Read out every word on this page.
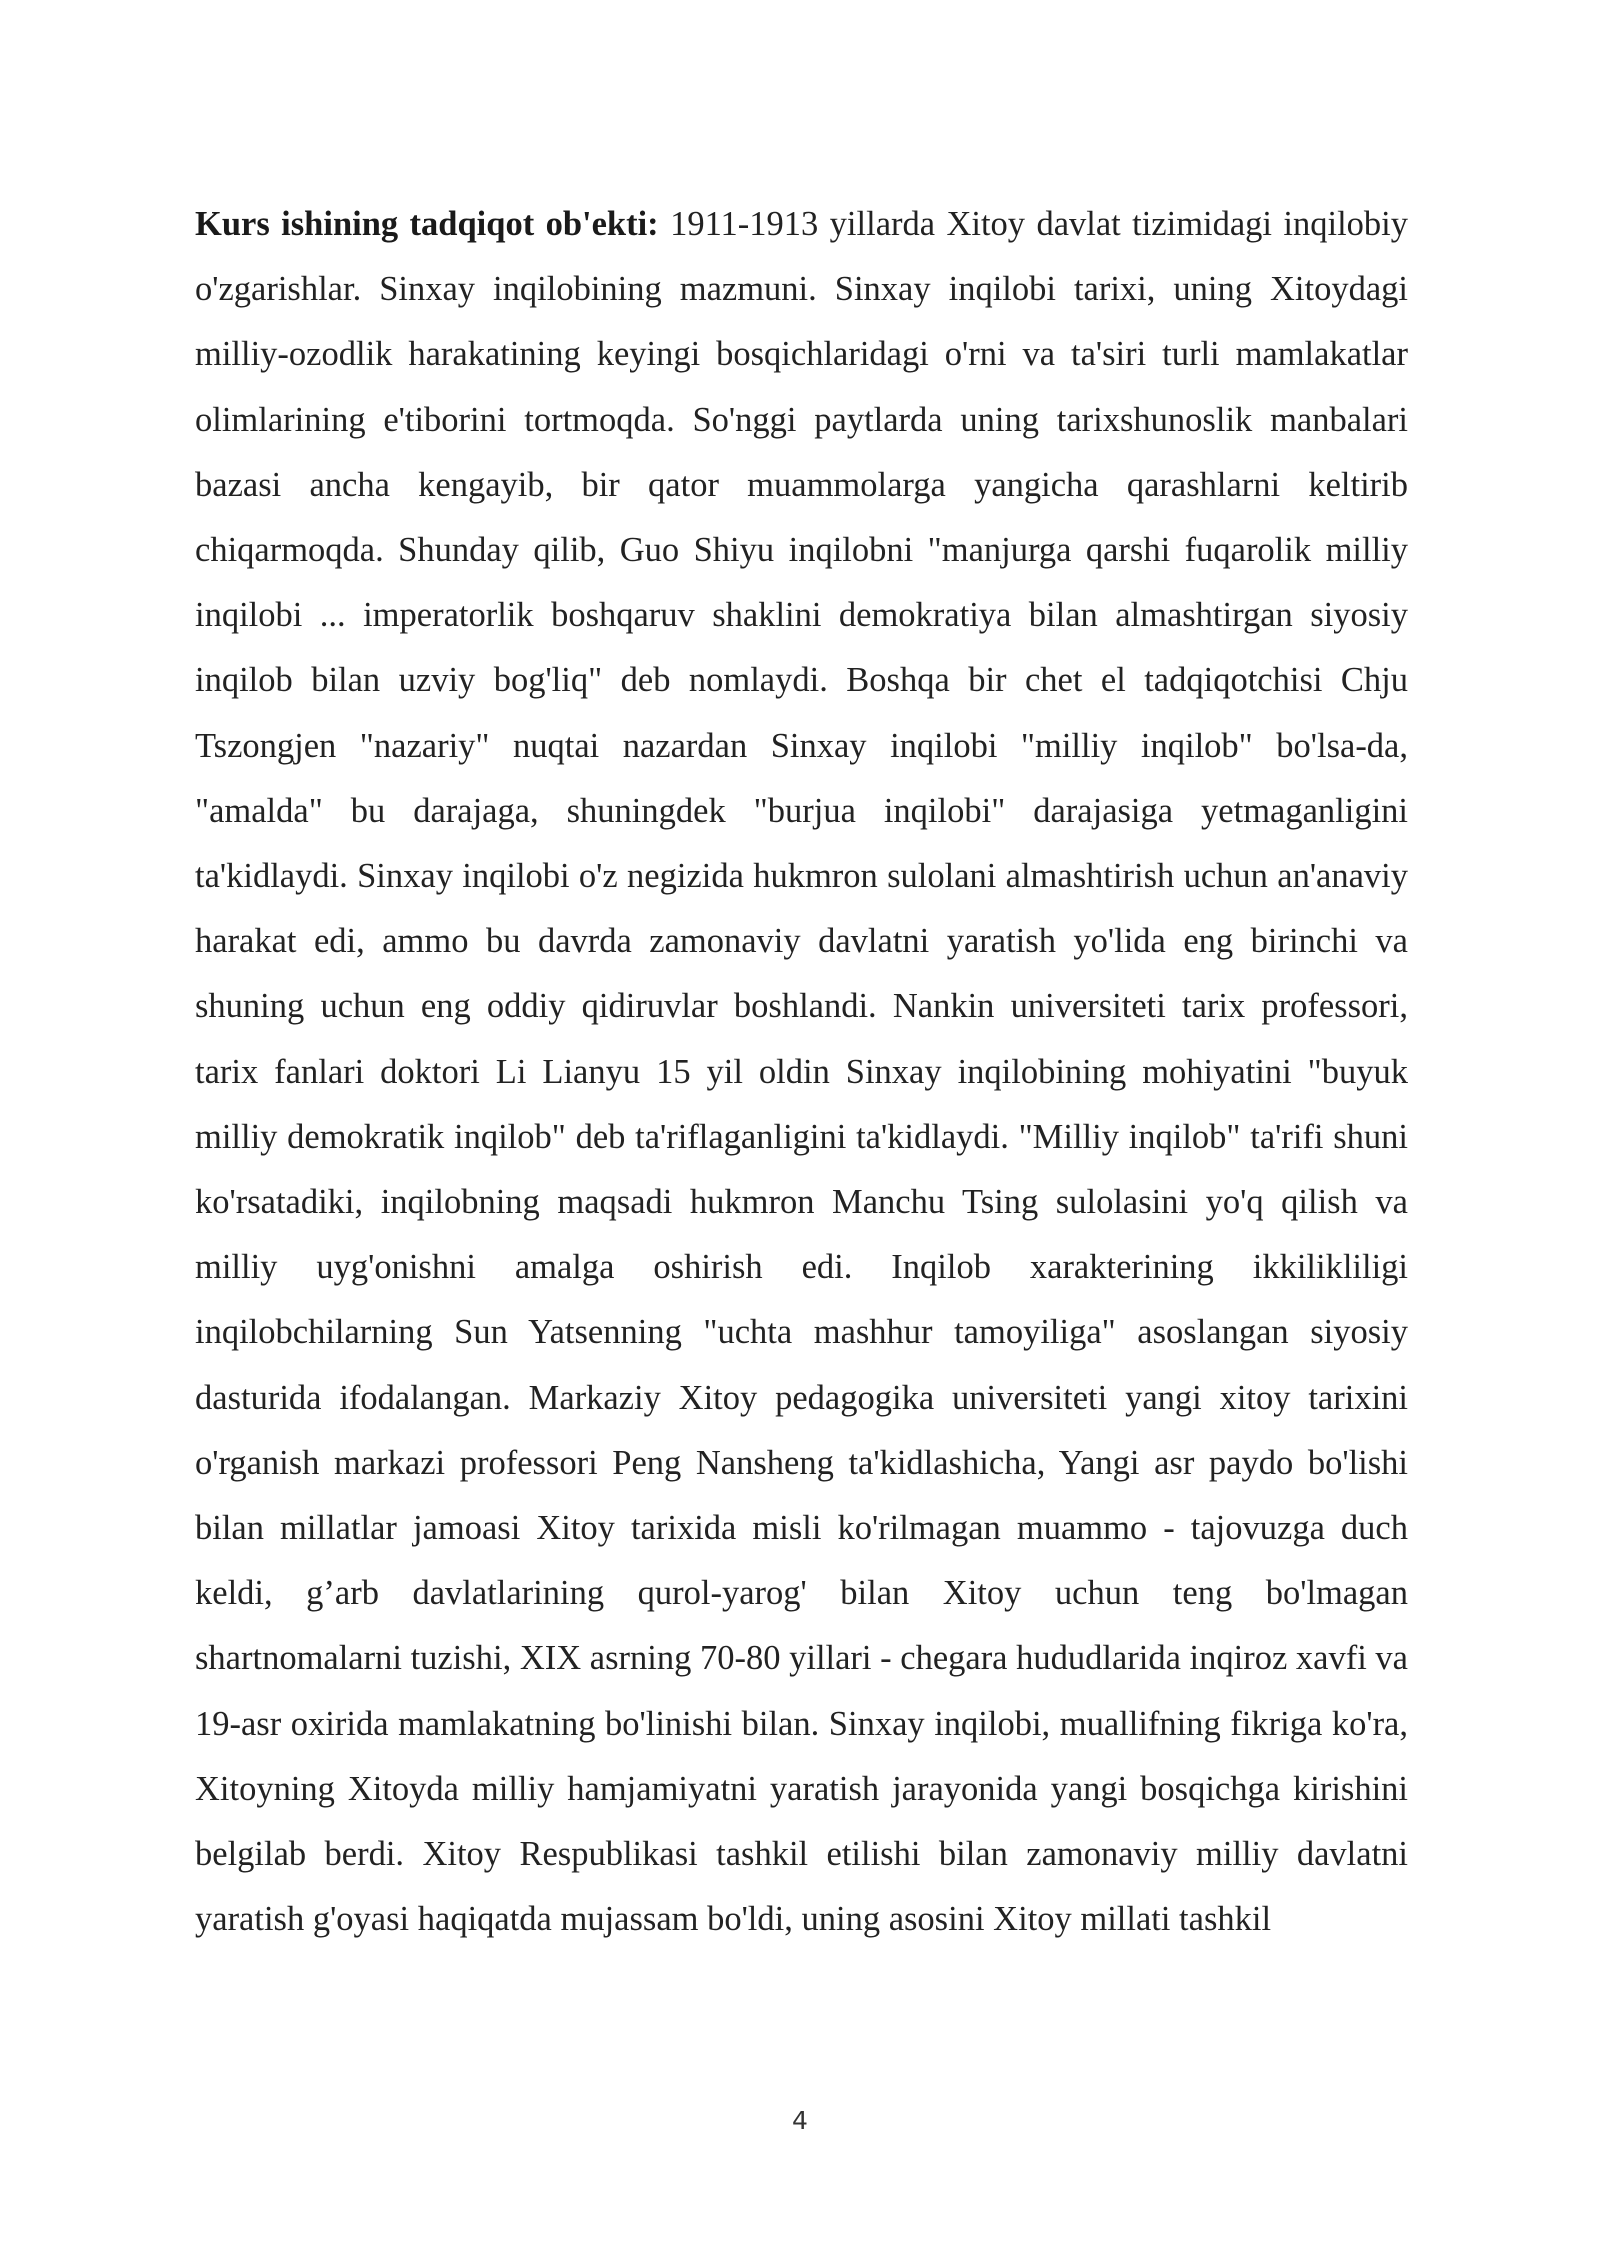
Kurs ishining tadqiqot ob'ekti: 1911-1913 yillarda Xitoy davlat tizimidagi inqilobiy o'zgarishlar. Sinxay inqilobining mazmuni. Sinxay inqilobi tarixi, uning Xitoydagi milliy-ozodlik harakatining keyingi bosqichlaridagi o'rni va ta'siri turli mamlakatlar olimlarining e'tiborini tortmoqda. So'nggi paytlarda uning tarixshunoslik manbalari bazasi ancha kengayib, bir qator muammolarga yangicha qarashlarni keltirib chiqarmoqda. Shunday qilib, Guo Shiyu inqilobni "manjurga qarshi fuqarolik milliy inqilobi ... imperatorlik boshqaruv shaklini demokratiya bilan almashtirgan siyosiy inqilob bilan uzviy bog'liq" deb nomlaydi. Boshqa bir chet el tadqiqotchisi Chju Tszongjen "nazariy" nuqtai nazardan Sinxay inqilobi "milliy inqilob" bo'lsa-da, "amalda" bu darajaga, shuningdek "burjua inqilobi" darajasiga yetmaganligini ta'kidlaydi. Sinxay inqilobi o'z negizida hukmron sulolani almashtirish uchun an'anaviy harakat edi, ammo bu davrda zamonaviy davlatni yaratish yo'lida eng birinchi va shuning uchun eng oddiy qidiruvlar boshlandi. Nankin universiteti tarix professori, tarix fanlari doktori Li Lianyu 15 yil oldin Sinxay inqilobining mohiyatini "buyuk milliy demokratik inqilob" deb ta'riflaganligini ta'kidlaydi. "Milliy inqilob" ta'rifi shuni ko'rsatadiki, inqilobning maqsadi hukmron Manchu Tsing sulolasini yo'q qilish va milliy uyg'onishni amalga oshirish edi. Inqilob xarakterining ikkilikliligi inqilobchilarning Sun Yatsenning "uchta mashhur tamoyiliga" asoslangan siyosiy dasturida ifodalangan. Markaziy Xitoy pedagogika universiteti yangi xitoy tarixini o'rganish markazi professori Peng Nansheng ta'kidlashicha, Yangi asr paydo bo'lishi bilan millatlar jamoasi Xitoy tarixida misli ko'rilmagan muammo - tajovuzga duch keldi, g’arb davlatlarining qurol-yarog' bilan Xitoy uchun teng bo'lmagan shartnomalarni tuzishi, XIX asrning 70-80 yillari - chegara hududlarida inqiroz xavfi va 19-asr oxirida mamlakatning bo'linishi bilan. Sinxay inqilobi, muallifning fikriga ko'ra, Xitoyning Xitoyda milliy hamjamiyatni yaratish jarayonida yangi bosqichga kirishini belgilab berdi. Xitoy Respublikasi tashkil etilishi bilan zamonaviy milliy davlatni yaratish g'oyasi haqiqatda mujassam bo'ldi, uning asosini Xitoy millati tashkil

4
